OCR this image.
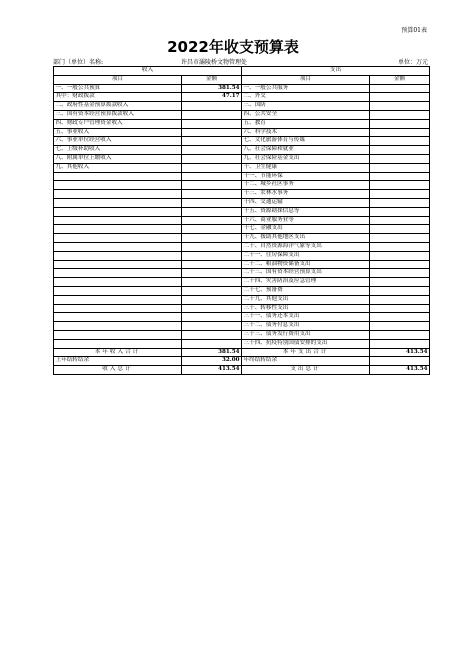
预算01表
2022年收支预算表
部门（单位）名称:	许昌市灞陵桥文物管理处	单位：万元
收入		支出	
项目	金额	项目	金额
一、一般公共预算	381.54	一、一般公共服务	
其中：财政拨款	47.17	二、外交	
二、政府性基金预算拨款收入		三、国防	
三、国有资本经营预算拨款收入		四、公共安全	
四、财政专户管理资金收入		五、教育	
五、事业收入		六、科学技术	
六、事业单位经营收入		七、文化旅游体育与传媒	
七、上级补助收入		八、社会保障和就业	
八、附属单位上缴收入		九、社会保险基金支出	
九、其他收入		十、卫生健康	
		十一、节能环保	
		十二、城乡社区事务	
		十三、农林水事务	
		十四、交通运输	
		十五、资源勘探信息等	
		十六、商业服务业等	
		十七、金融支出	
		十九、援助其他地区支出	
		二十、自然资源海洋气象等支出	
		二十一、住房保障支出	
		二十二、粮油物资储备支出	
		二十三、国有资本经营预算支出	
		二十四、灾害防治及应急管理	
		二十七、预备费	
		二十九、其他支出	
		三十、转移性支出	
		三十一、债务还本支出	
		三十二、债务付息支出	
		三十三、债务发行费用支出	
		三十四、抗疫特别国债安排的支出	
本年收入合计	381.54	本年支出合计	413.54
上年结转结余	32.00	年终结转结余	
收入总计	413.54	支出总计	413.54
